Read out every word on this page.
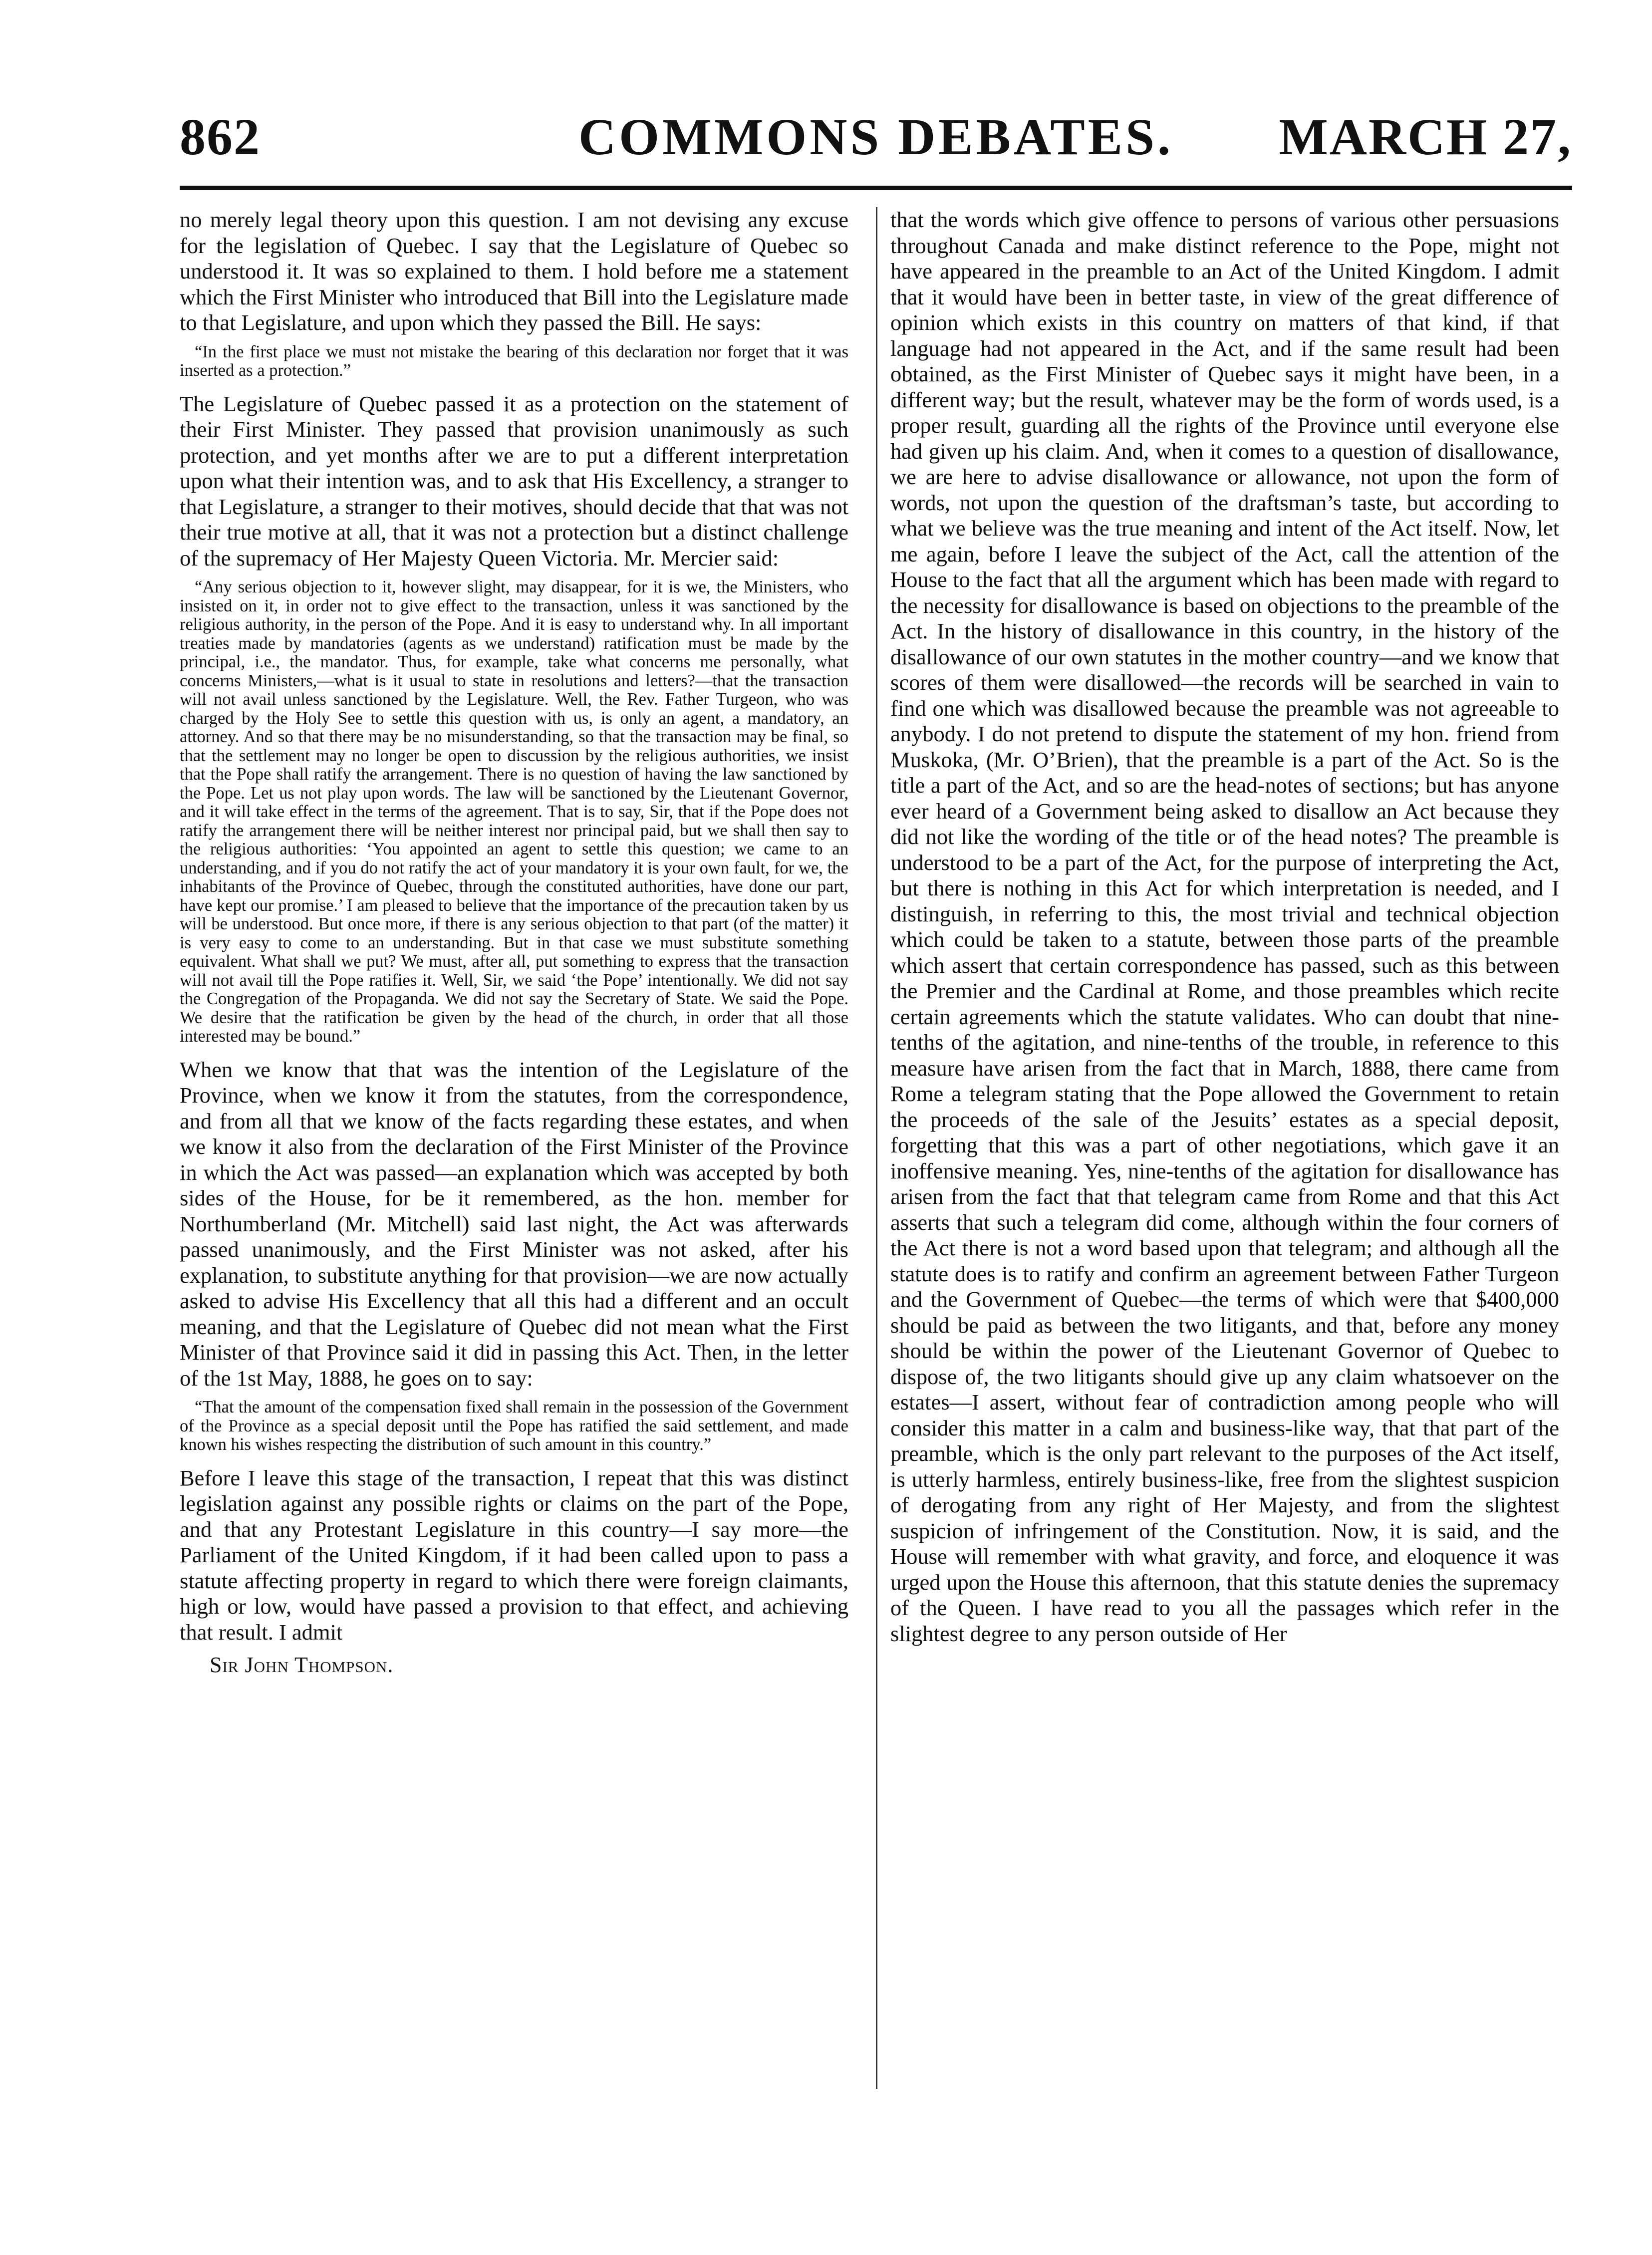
862	COMMONS DEBATES.	MARCH 27,

no merely legal theory upon this question. I am not devising any excuse for the legislation of Quebec. I say that the Legislature of Quebec so understood it. It was so explained to them. I hold before me a statement which the First Minister who introduced that Bill into the Legislature made to that Legislature, and upon which they passed the Bill. He says:

“In the first place we must not mistake the bearing of this declaration nor forget that it was inserted as a protection.”

The Legislature of Quebec passed it as a protection on the statement of their First Minister. They passed that provision unanimously as such protection, and yet months after we are to put a different interpretation upon what their intention was, and to ask that His Excellency, a stranger to that Legislature, a stranger to their motives, should decide that that was not their true motive at all, that it was not a protection but a distinct challenge of the supremacy of Her Majesty Queen Victoria. Mr. Mercier said:

“Any serious objection to it, however slight, may disappear, for it is we, the Ministers, who insisted on it, in order not to give effect to the transaction, unless it was sanctioned by the religious authority, in the person of the Pope. And it is easy to understand why. In all important treaties made by mandatories (agents as we understand) ratification must be made by the principal, i.e., the mandator. Thus, for example, take what concerns me personally, what concerns Ministers,—what is it usual to state in resolutions and letters?—that the transaction will not avail unless sanctioned by the Legislature. Well, the Rev. Father Turgeon, who was charged by the Holy See to settle this question with us, is only an agent, a mandatory, an attorney. And so that there may be no misunderstanding, so that the transaction may be final, so that the settlement may no longer be open to discussion by the religious authorities, we insist that the Pope shall ratify the arrangement. There is no question of having the law sanctioned by the Pope. Let us not play upon words. The law will be sanctioned by the Lieutenant Governor, and it will take effect in the terms of the agreement. That is to say, Sir, that if the Pope does not ratify the arrangement there will be neither interest nor principal paid, but we shall then say to the religious authorities: ‘You appointed an agent to settle this question; we came to an understanding, and if you do not ratify the act of your mandatory it is your own fault, for we, the inhabitants of the Province of Quebec, through the constituted authorities, have done our part, have kept our promise.’ I am pleased to believe that the importance of the precaution taken by us will be understood. But once more, if there is any serious objection to that part (of the matter) it is very easy to come to an understanding. But in that case we must substitute something equivalent. What shall we put? We must, after all, put something to express that the transaction will not avail till the Pope ratifies it. Well, Sir, we said ‘the Pope’ intentionally. We did not say the Congregation of the Propaganda. We did not say the Secretary of State. We said the Pope. We desire that the ratification be given by the head of the church, in order that all those interested may be bound.”

When we know that that was the intention of the Legislature of the Province, when we know it from the statutes, from the correspondence, and from all that we know of the facts regarding these estates, and when we know it also from the declaration of the First Minister of the Province in which the Act was passed—an explanation which was accepted by both sides of the House, for be it remembered, as the hon. member for Northumberland (Mr. Mitchell) said last night, the Act was afterwards passed unanimously, and the First Minister was not asked, after his explanation, to substitute anything for that provision—we are now actually asked to advise His Excellency that all this had a different and an occult meaning, and that the Legislature of Quebec did not mean what the First Minister of that Province said it did in passing this Act. Then, in the letter of the 1st May, 1888, he goes on to say:

“That the amount of the compensation fixed shall remain in the possession of the Government of the Province as a special deposit until the Pope has ratified the said settlement, and made known his wishes respecting the distribution of such amount in this country.”

Before I leave this stage of the transaction, I repeat that this was distinct legislation against any possible rights or claims on the part of the Pope, and that any Protestant Legislature in this country—I say more—the Parliament of the United Kingdom, if it had been called upon to pass a statute affecting property in regard to which there were foreign claimants, high or low, would have passed a provision to that effect, and achieving that result. I admit

Sir John Thompson.

that the words which give offence to persons of various other persuasions throughout Canada and make distinct reference to the Pope, might not have appeared in the preamble to an Act of the United Kingdom. I admit that it would have been in better taste, in view of the great difference of opinion which exists in this country on matters of that kind, if that language had not appeared in the Act, and if the same result had been obtained, as the First Minister of Quebec says it might have been, in a different way; but the result, whatever may be the form of words used, is a proper result, guarding all the rights of the Province until everyone else had given up his claim. And, when it comes to a question of disallowance, we are here to advise disallowance or allowance, not upon the form of words, not upon the question of the draftsman’s taste, but according to what we believe was the true meaning and intent of the Act itself. Now, let me again, before I leave the subject of the Act, call the attention of the House to the fact that all the argument which has been made with regard to the necessity for disallowance is based on objections to the preamble of the Act. In the history of disallowance in this country, in the history of the disallowance of our own statutes in the mother country—and we know that scores of them were disallowed—the records will be searched in vain to find one which was disallowed because the preamble was not agreeable to anybody. I do not pretend to dispute the statement of my hon. friend from Muskoka, (Mr. O’Brien), that the preamble is a part of the Act. So is the title a part of the Act, and so are the head-notes of sections; but has anyone ever heard of a Government being asked to disallow an Act because they did not like the wording of the title or of the head notes? The preamble is understood to be a part of the Act, for the purpose of interpreting the Act, but there is nothing in this Act for which interpretation is needed, and I distinguish, in referring to this, the most trivial and technical objection which could be taken to a statute, between those parts of the preamble which assert that certain correspondence has passed, such as this between the Premier and the Cardinal at Rome, and those preambles which recite certain agreements which the statute validates. Who can doubt that nine-tenths of the agitation, and nine-tenths of the trouble, in reference to this measure have arisen from the fact that in March, 1888, there came from Rome a telegram stating that the Pope allowed the Government to retain the proceeds of the sale of the Jesuits’ estates as a special deposit, forgetting that this was a part of other negotiations, which gave it an inoffensive meaning. Yes, nine-tenths of the agitation for disallowance has arisen from the fact that that telegram came from Rome and that this Act asserts that such a telegram did come, although within the four corners of the Act there is not a word based upon that telegram; and although all the statute does is to ratify and confirm an agreement between Father Turgeon and the Government of Quebec—the terms of which were that $400,000 should be paid as between the two litigants, and that, before any money should be within the power of the Lieutenant Governor of Quebec to dispose of, the two litigants should give up any claim whatsoever on the estates—I assert, without fear of contradiction among people who will consider this matter in a calm and business-like way, that that part of the preamble, which is the only part relevant to the purposes of the Act itself, is utterly harmless, entirely business-like, free from the slightest suspicion of derogating from any right of Her Majesty, and from the slightest suspicion of infringement of the Constitution. Now, it is said, and the House will remember with what gravity, and force, and eloquence it was urged upon the House this afternoon, that this statute denies the supremacy of the Queen. I have read to you all the passages which refer in the slightest degree to any person outside of Her
